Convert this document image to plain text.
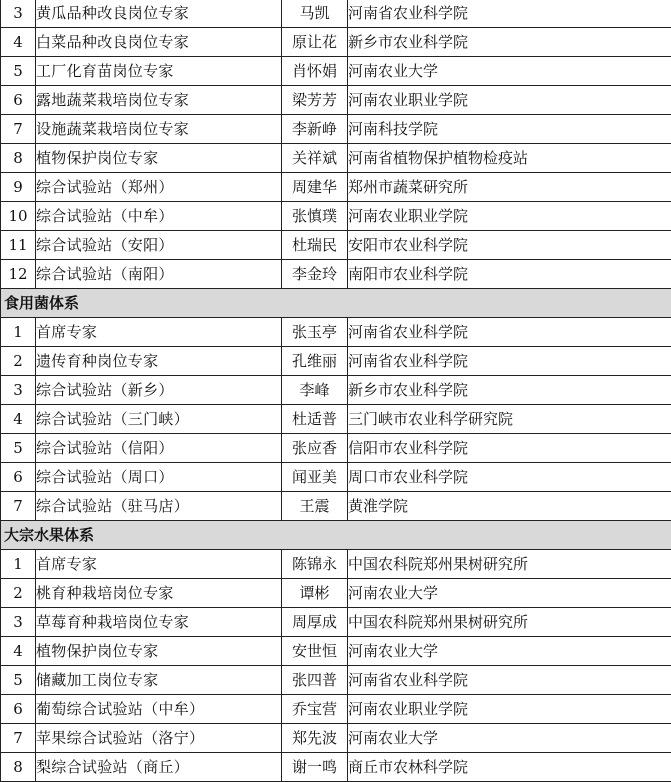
3	黄瓜品种改良岗位专家	马凯	河南省农业科学院
4	白菜品种改良岗位专家	原让花	新乡市农业科学院
5	工厂化育苗岗位专家	肖怀娟	河南农业大学
6	露地蔬菜栽培岗位专家	梁芳芳	河南农业职业学院
7	设施蔬菜栽培岗位专家	李新峥	河南科技学院
8	植物保护岗位专家	关祥斌	河南省植物保护植物检疫站
9	综合试验站（郑州）	周建华	郑州市蔬菜研究所
10	综合试验站（中牟）	张慎璞	河南农业职业学院
11	综合试验站（安阳）	杜瑞民	安阳市农业科学院
12	综合试验站（南阳）	李金玲	南阳市农业科学院
食用菌体系			
1	首席专家	张玉亭	河南省农业科学院
2	遗传育种岗位专家	孔维丽	河南省农业科学院
3	综合试验站（新乡）	李峰	新乡市农业科学院
4	综合试验站（三门峡）	杜适普	三门峡市农业科学研究院
5	综合试验站（信阳）	张应香	信阳市农业科学院
6	综合试验站（周口）	闻亚美	周口市农业科学院
7	综合试验站（驻马店）	王震	黄淮学院
大宗水果体系			
1	首席专家	陈锦永	中国农科院郑州果树研究所
2	桃育种栽培岗位专家	谭彬	河南农业大学
3	草莓育种栽培岗位专家	周厚成	中国农科院郑州果树研究所
4	植物保护岗位专家	安世恒	河南农业大学
5	储藏加工岗位专家	张四普	河南省农业科学院
6	葡萄综合试验站（中牟）	乔宝营	河南农业职业学院
7	苹果综合试验站（洛宁）	郑先波	河南农业大学
8	梨综合试验站（商丘）	谢一鸣	商丘市农林科学院
